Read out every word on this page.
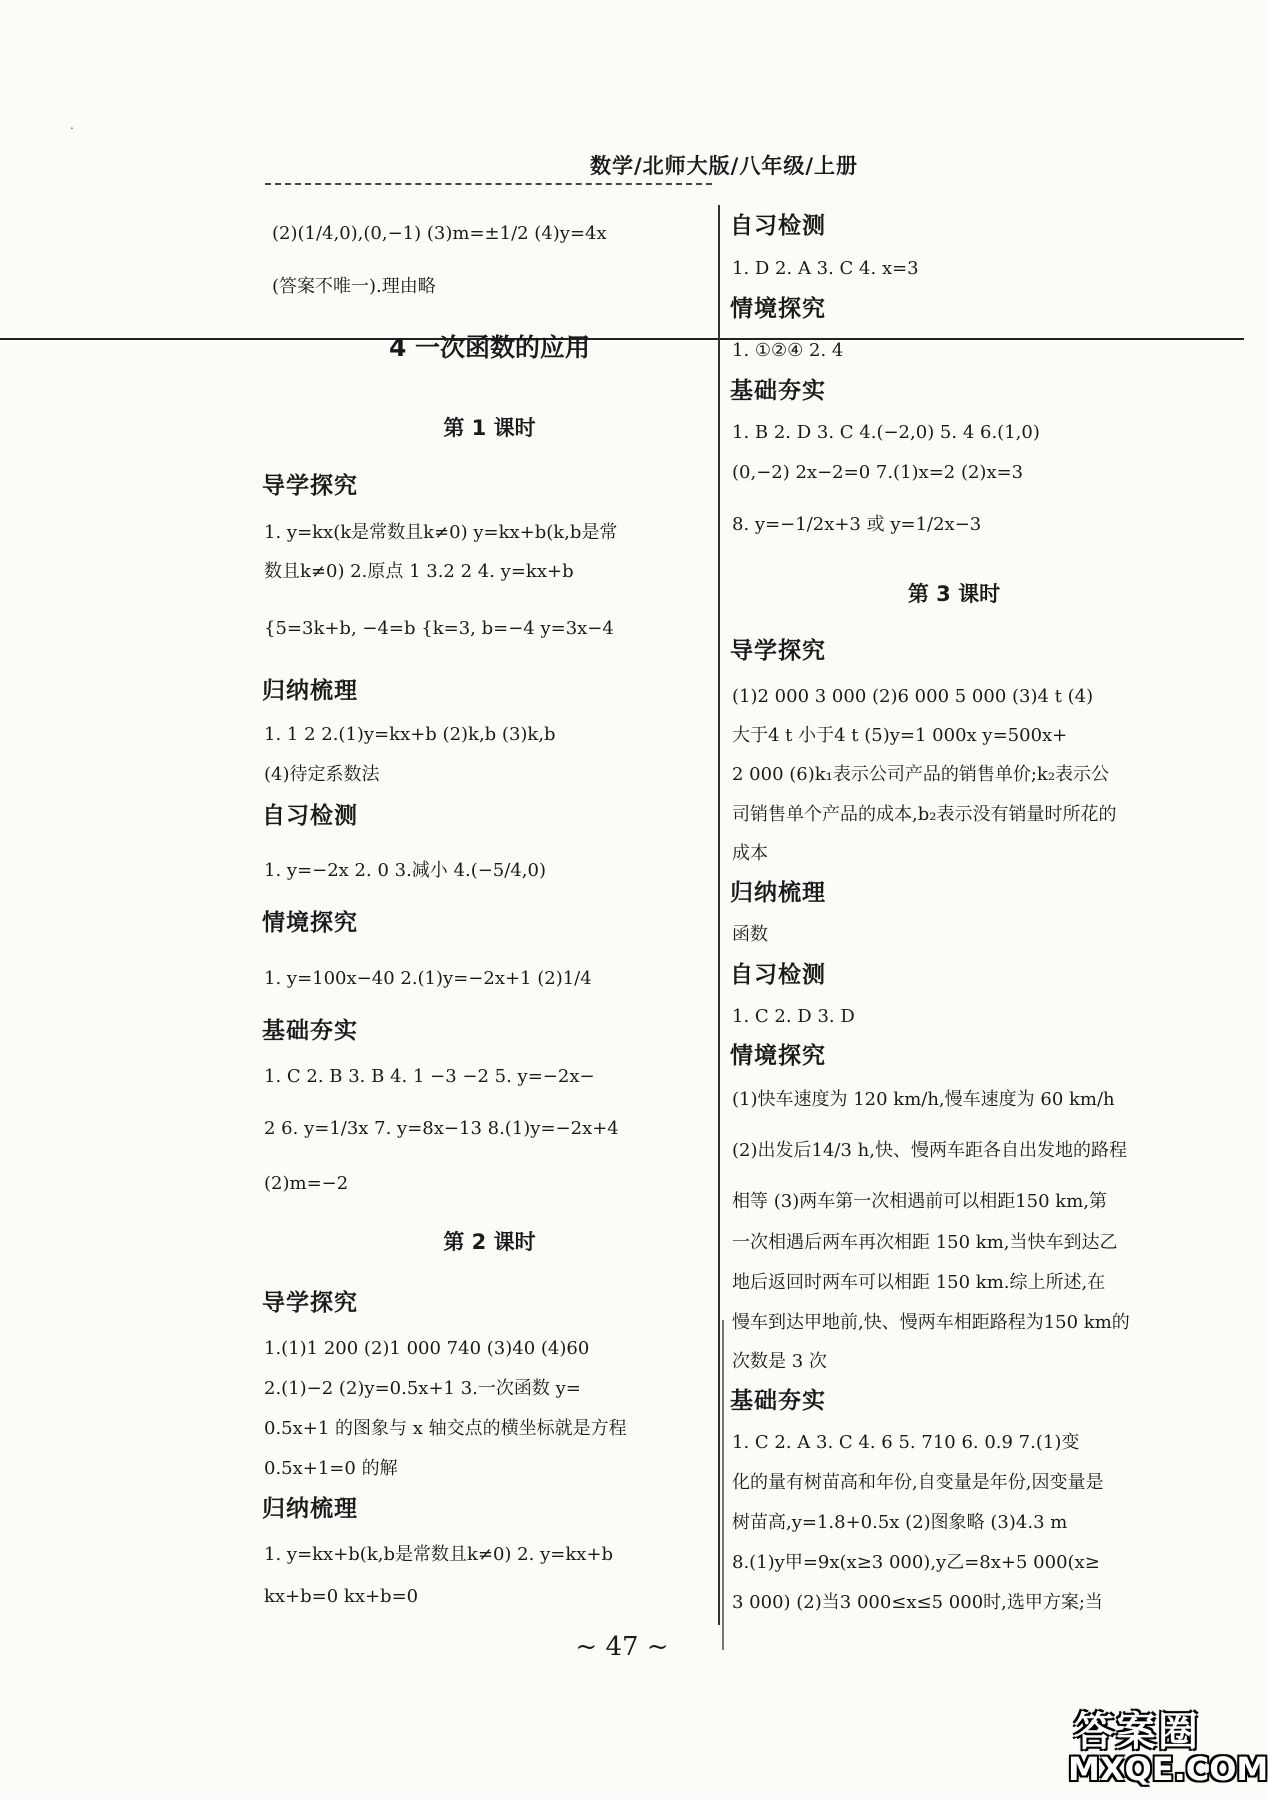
.
数学/北师大版/八年级/上册
(2)(1/4,0),(0,−1) (3)m=±1/2 (4)y=4x
(答案不唯一).理由略
4 一次函数的应用
第 1 课时
导学探究
1. y=kx(k是常数且k≠0) y=kx+b(k,b是常
数且k≠0) 2.原点 1 3.2 2 4. y=kx+b
{5=3k+b, −4=b {k=3, b=−4 y=3x−4
归纳梳理
1. 1 2 2.(1)y=kx+b (2)k,b (3)k,b
(4)待定系数法
自习检测
1. y=−2x 2. 0 3.减小 4.(−5/4,0)
情境探究
1. y=100x−40 2.(1)y=−2x+1 (2)1/4
基础夯实
1. C 2. B 3. B 4. 1 −3 −2 5. y=−2x−
2 6. y=1/3x 7. y=8x−13 8.(1)y=−2x+4
(2)m=−2
第 2 课时
导学探究
1.(1)1 200 (2)1 000 740 (3)40 (4)60
2.(1)−2 (2)y=0.5x+1 3.一次函数 y=
0.5x+1 的图象与 x 轴交点的横坐标就是方程
0.5x+1=0 的解
归纳梳理
1. y=kx+b(k,b是常数且k≠0) 2. y=kx+b
kx+b=0 kx+b=0
自习检测
1. D 2. A 3. C 4. x=3
情境探究
1. ①②④ 2. 4
基础夯实
1. B 2. D 3. C 4.(−2,0) 5. 4 6.(1,0)
(0,−2) 2x−2=0 7.(1)x=2 (2)x=3
8. y=−1/2x+3 或 y=1/2x−3
第 3 课时
导学探究
(1)2 000 3 000 (2)6 000 5 000 (3)4 t (4)
大于4 t 小于4 t (5)y=1 000x y=500x+
2 000 (6)k₁表示公司产品的销售单价;k₂表示公
司销售单个产品的成本,b₂表示没有销量时所花的
成本
归纳梳理
函数
自习检测
1. C 2. D 3. D
情境探究
(1)快车速度为 120 km/h,慢车速度为 60 km/h
(2)出发后14/3 h,快、慢两车距各自出发地的路程
相等 (3)两车第一次相遇前可以相距150 km,第
一次相遇后两车再次相距 150 km,当快车到达乙
地后返回时两车可以相距 150 km.综上所述,在
慢车到达甲地前,快、慢两车相距路程为150 km的
次数是 3 次
基础夯实
1. C 2. A 3. C 4. 6 5. 710 6. 0.9 7.(1)变
化的量有树苗高和年份,自变量是年份,因变量是
树苗高,y=1.8+0.5x (2)图象略 (3)4.3 m
8.(1)y甲=9x(x≥3 000),y乙=8x+5 000(x≥
3 000) (2)当3 000≤x≤5 000时,选甲方案;当
~ 47 ~
答案圈
MXQE.COM
